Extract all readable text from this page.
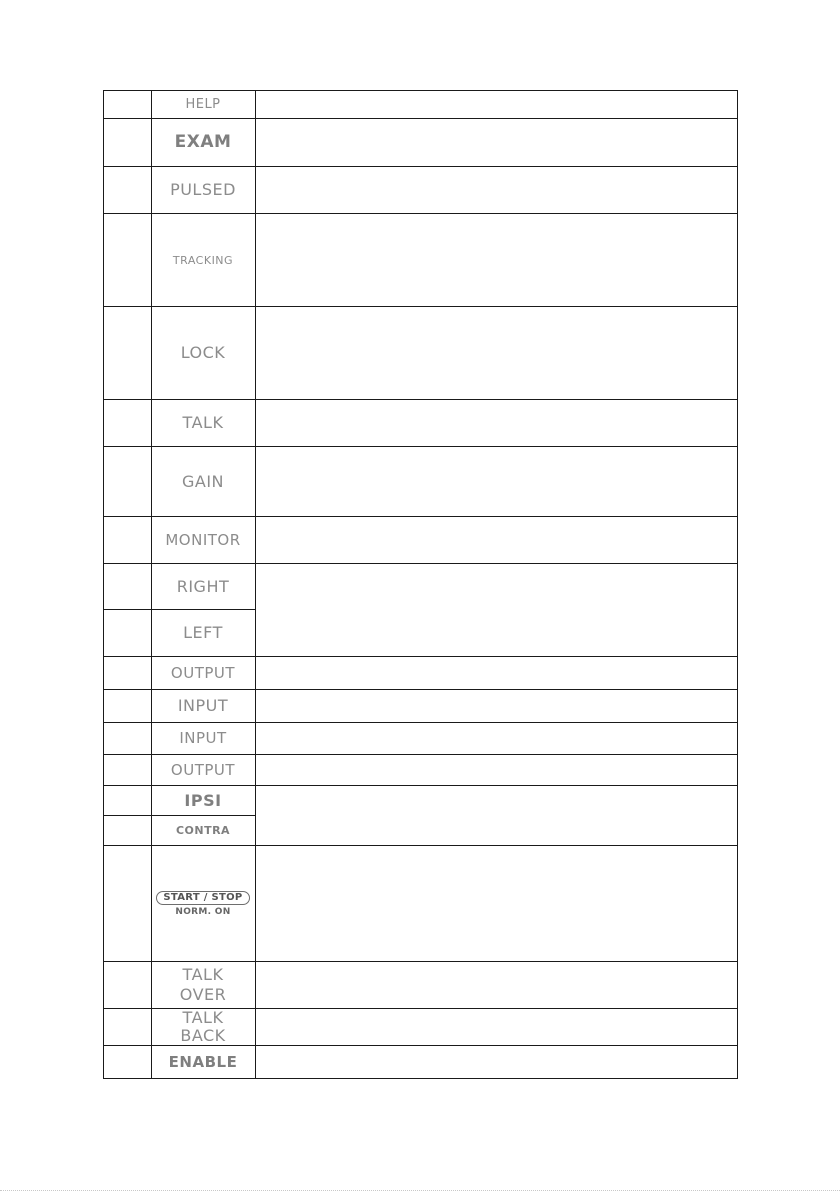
HELP
EXAM
PULSED
TRACKING
LOCK
TALK
GAIN
MONITOR
RIGHT
LEFT
OUTPUT
INPUT
INPUT
OUTPUT
IPSI
CONTRA
START / STOP
NORM. ON
TALK
OVER
TALK
BACK
ENABLE
